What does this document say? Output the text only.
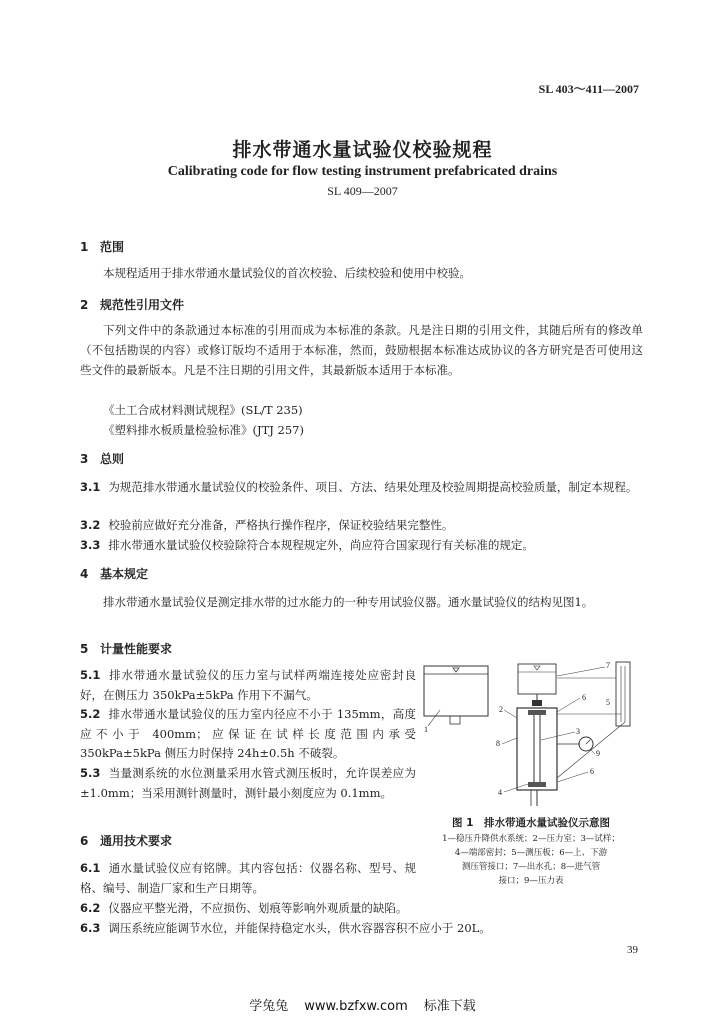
SL 403～411—2007
排水带通水量试验仪校验规程
Calibrating code for flow testing instrument prefabricated drains
SL 409—2007
1 范围
本规程适用于排水带通水量试验仪的首次校验、后续校验和使用中校验。
2 规范性引用文件
下列文件中的条款通过本标准的引用而成为本标准的条款。凡是注日期的引用文件，其随后所有的修改单（不包括勘误的内容）或修订版均不适用于本标准，然而，鼓励根据本标准达成协议的各方研究是否可使用这些文件的最新版本。凡是不注日期的引用文件，其最新版本适用于本标准。
《土工合成材料测试规程》(SL/T 235)
《塑料排水板质量检验标准》(JTJ 257)
3 总则
3.1 为规范排水带通水量试验仪的校验条件、项目、方法、结果处理及校验周期提高校验质量，制定本规程。
3.2 校验前应做好充分准备，严格执行操作程序，保证校验结果完整性。
3.3 排水带通水量试验仪校验除符合本规程规定外，尚应符合国家现行有关标准的规定。
4 基本规定
排水带通水量试验仪是测定排水带的过水能力的一种专用试验仪器。通水量试验仪的结构见图1。
5 计量性能要求
5.1 排水带通水量试验仪的压力室与试样两端连接处应密封良好，在侧压力 350kPa±5kPa 作用下不漏气。
5.2 排水带通水量试验仪的压力室内径应不小于 135mm，高度应不小于 400mm；应保证在试样长度范围内承受 350kPa±5kPa 侧压力时保持 24h±0.5h 不破裂。
5.3 当量测系统的水位测量采用水管式测压板时，允许误差应为 ±1.0mm；当采用测针测量时，测针最小刻度应为 0.1mm。
1
2
3
4
5
6
6
7
8
9
图 1　排水带通水量试验仪示意图
1—稳压升降供水系统；2—压力室；3—试样；
4—端部密封；5—测压板；6—上、下游
测压管接口；7—出水孔；8—进气管
接口；9—压力表
6 通用技术要求
6.1 通水量试验仪应有铭牌。其内容包括：仪器名称、型号、规格、编号、制造厂家和生产日期等。
6.2 仪器应平整光滑，不应损伤、划痕等影响外观质量的缺陷。
6.3 调压系统应能调节水位，并能保持稳定水头，供水容器容积不应小于 20L。
39
学兔兔 www.bzfxw.com 标准下载
